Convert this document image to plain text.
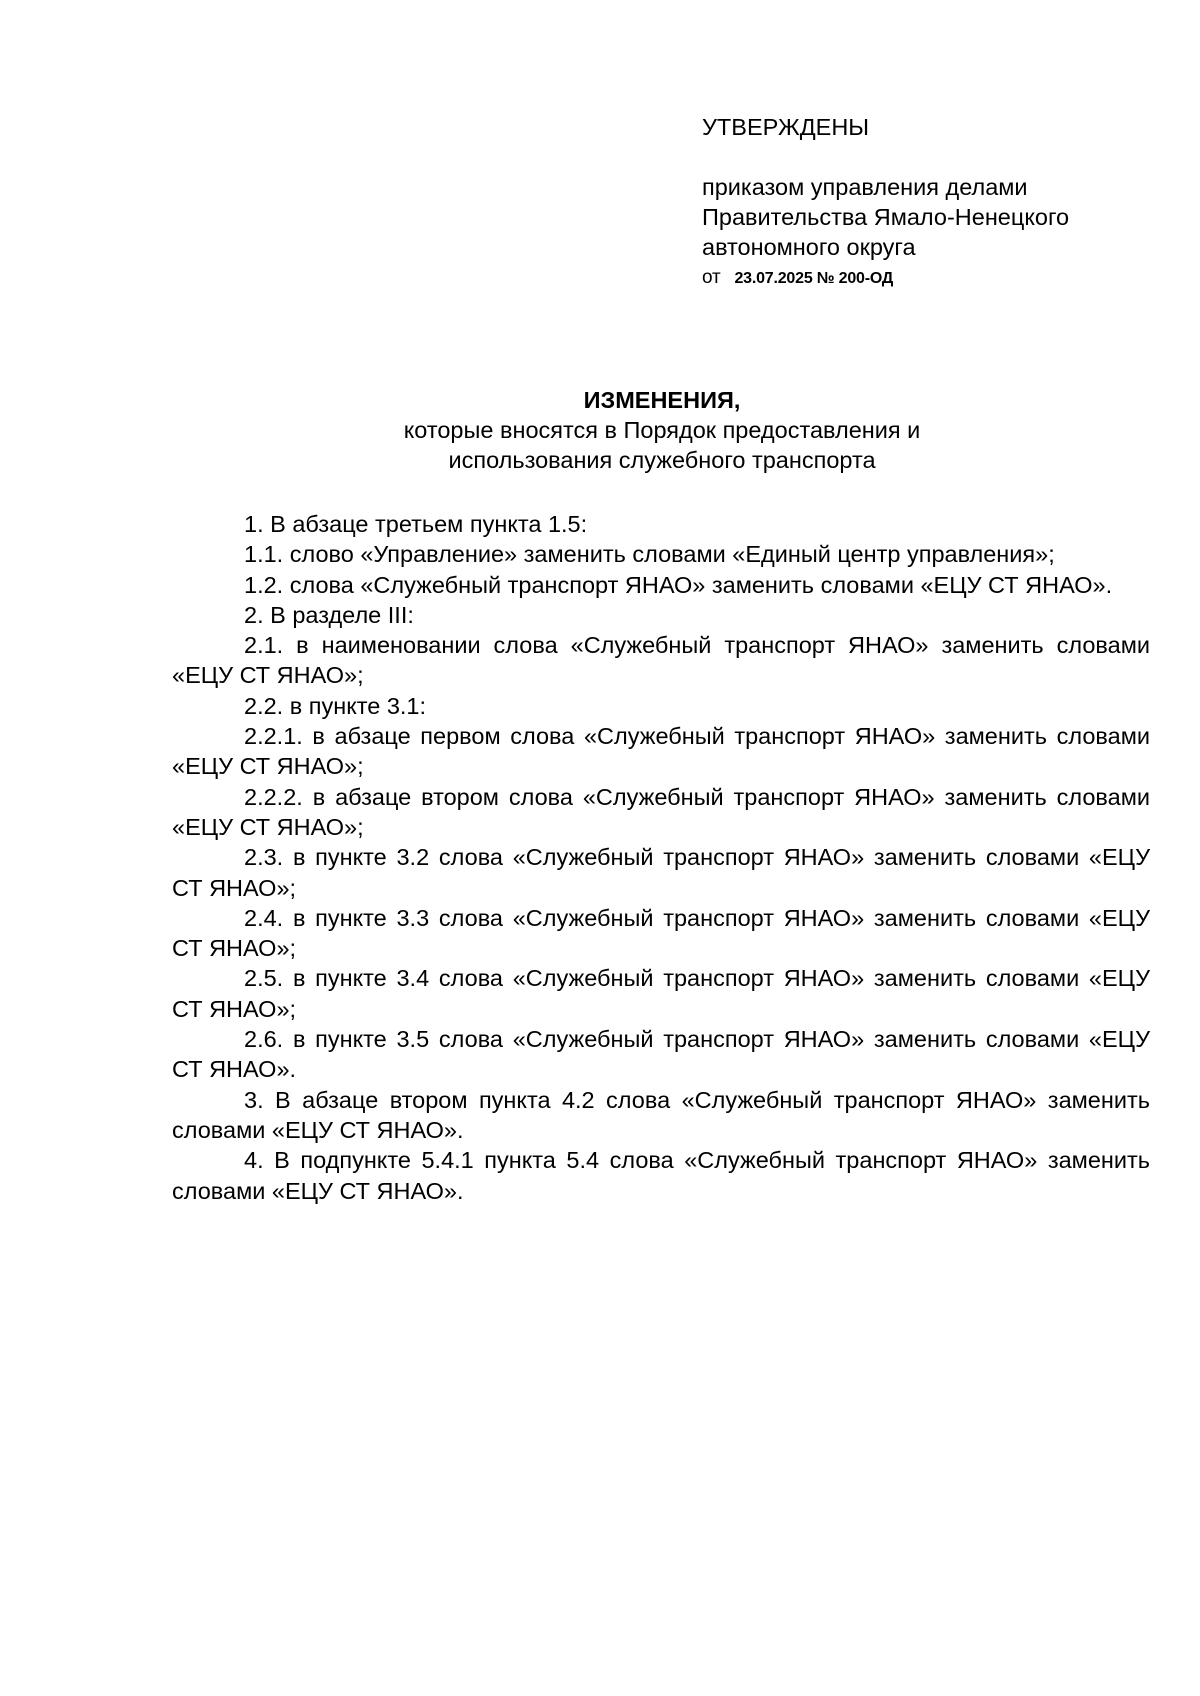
УТВЕРЖДЕНЫ

приказом управления делами

Правительства Ямало-Ненецкого

автономного округа

от 23.07.2025 № 200-ОД

ИЗМЕНЕНИЯ,
которые вносятся в Порядок предоставления и
использования служебного транспорта

1. В абзаце третьем пункта 1.5:

1.1. слово «Управление» заменить словами «Единый центр управления»;

1.2. слова «Служебный транспорт ЯНАО» заменить словами «ЕЦУ СТ ЯНАО».

2. В разделе III:

2.1. в наименовании слова «Служебный транспорт ЯНАО» заменить словами «ЕЦУ СТ ЯНАО»;

2.2. в пункте 3.1:

2.2.1. в абзаце первом слова «Служебный транспорт ЯНАО» заменить словами «ЕЦУ СТ ЯНАО»;

2.2.2. в абзаце втором слова «Служебный транспорт ЯНАО» заменить словами «ЕЦУ СТ ЯНАО»;

2.3. в пункте 3.2 слова «Служебный транспорт ЯНАО» заменить словами «ЕЦУ СТ ЯНАО»;

2.4. в пункте 3.3 слова «Служебный транспорт ЯНАО» заменить словами «ЕЦУ СТ ЯНАО»;

2.5. в пункте 3.4 слова «Служебный транспорт ЯНАО» заменить словами «ЕЦУ СТ ЯНАО»;

2.6. в пункте 3.5 слова «Служебный транспорт ЯНАО» заменить словами «ЕЦУ СТ ЯНАО».

3. В абзаце втором пункта 4.2 слова «Служебный транспорт ЯНАО» заменить словами «ЕЦУ СТ ЯНАО».

4. В подпункте 5.4.1 пункта 5.4 слова «Служебный транспорт ЯНАО» заменить словами «ЕЦУ СТ ЯНАО».
